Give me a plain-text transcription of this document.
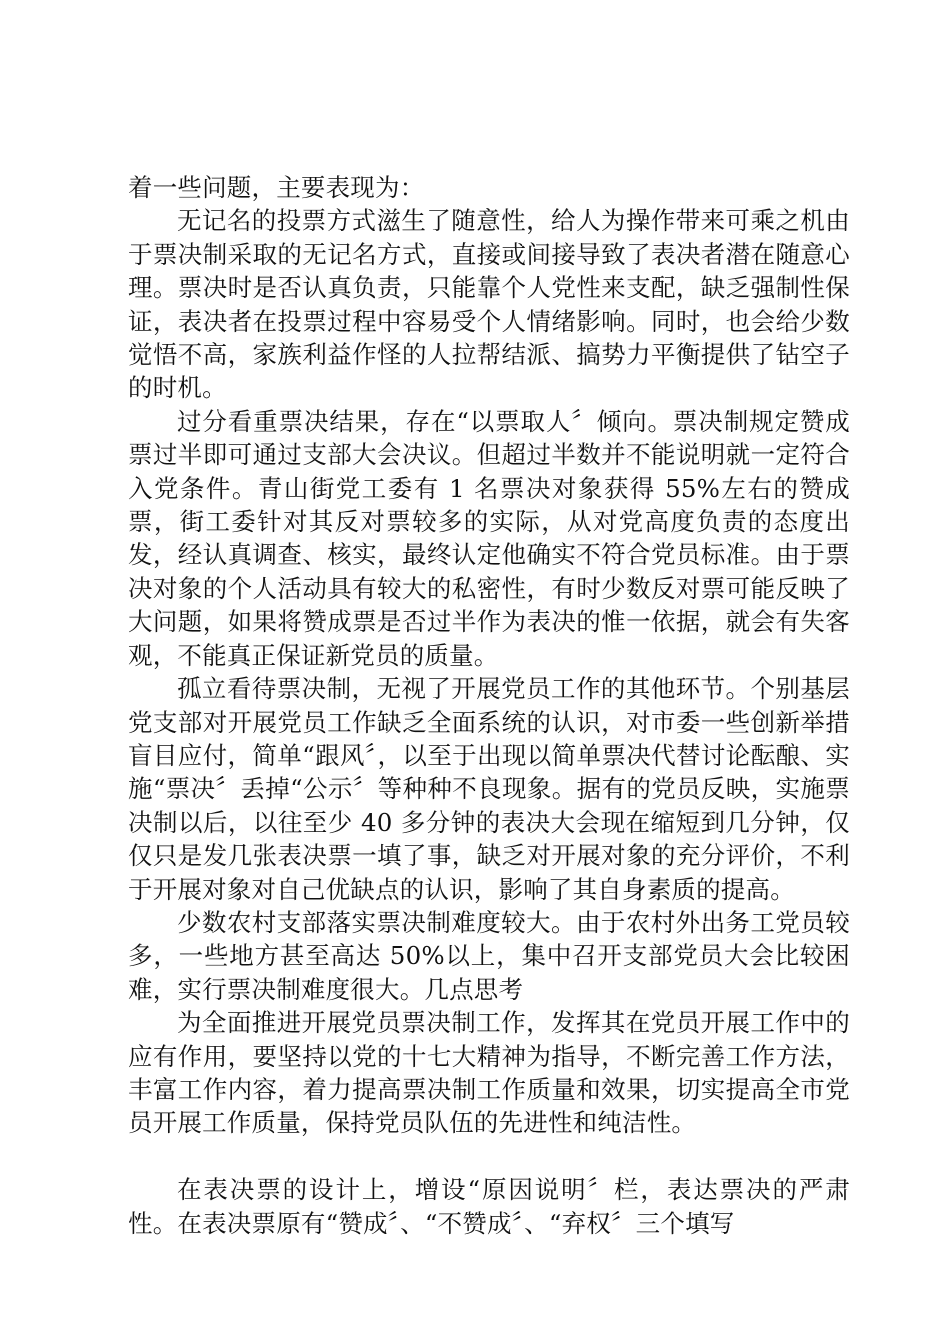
着一些问题，主要表现为：

无记名的投票方式滋生了随意性，给人为操作带来可乘之机由于票决制采取的无记名方式，直接或间接导致了表决者潜在随意心理。票决时是否认真负责，只能靠个人党性来支配，缺乏强制性保证，表决者在投票过程中容易受个人情绪影响。同时，也会给少数觉悟不高，家族利益作怪的人拉帮结派、搞势力平衡提供了钻空子的时机。

过分看重票决结果，存在“以票取人〞倾向。票决制规定赞成票过半即可通过支部大会决议。但超过半数并不能说明就一定符合入党条件。青山街党工委有 1 名票决对象获得 55%左右的赞成票，街工委针对其反对票较多的实际，从对党高度负责的态度出发，经认真调查、核实，最终认定他确实不符合党员标准。由于票决对象的个人活动具有较大的私密性，有时少数反对票可能反映了大问题，如果将赞成票是否过半作为表决的惟一依据，就会有失客观，不能真正保证新党员的质量。

孤立看待票决制，无视了开展党员工作的其他环节。个别基层党支部对开展党员工作缺乏全面系统的认识，对市委一些创新举措盲目应付，简单“跟风〞，以至于出现以简单票决代替讨论酝酿、实施“票决〞丢掉“公示〞等种种不良现象。据有的党员反映，实施票决制以后，以往至少 40 多分钟的表决大会现在缩短到几分钟，仅仅只是发几张表决票一填了事，缺乏对开展对象的充分评价，不利于开展对象对自己优缺点的认识，影响了其自身素质的提高。

少数农村支部落实票决制难度较大。由于农村外出务工党员较多，一些地方甚至高达 50%以上，集中召开支部党员大会比较困难，实行票决制难度很大。几点思考

为全面推进开展党员票决制工作，发挥其在党员开展工作中的应有作用，要坚持以党的十七大精神为指导，不断完善工作方法，丰富工作内容，着力提高票决制工作质量和效果，切实提高全市党员开展工作质量，保持党员队伍的先进性和纯洁性。

在表决票的设计上，增设“原因说明〞栏，表达票决的严肃性。在表决票原有“赞成〞、“不赞成〞、“弃权〞三个填写
